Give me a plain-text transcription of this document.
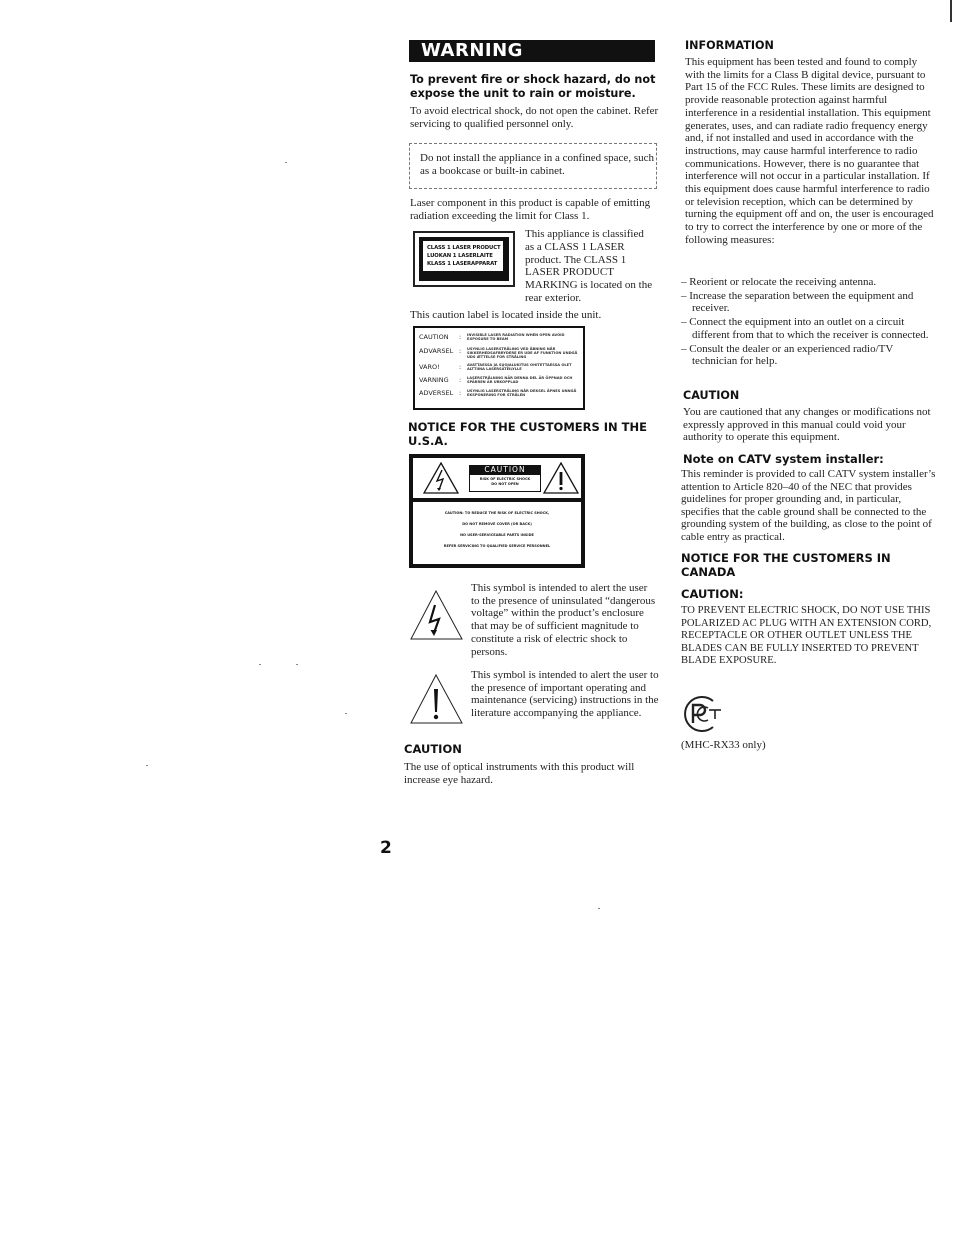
WARNING

To prevent fire or shock hazard, do not expose the unit to rain or moisture.

To avoid electrical shock, do not open the cabinet. Refer servicing to qualified personnel only.

Do not install the appliance in a confined space, such as a bookcase or built-in cabinet.

Laser component in this product is capable of emitting radiation exceeding the limit for Class 1.

CLASS 1 LASER PRODUCT
LUOKAN 1 LASERLAITE
KLASS 1 LASERAPPARAT

This appliance is classified as a CLASS 1 LASER product. The CLASS 1 LASER PRODUCT MARKING is located on the rear exterior.

This caution label is located inside the unit.

CAUTION	:	INVISIBLE LASER RADIATION WHEN OPEN AVOID EXPOSURE TO BEAM
ADVARSEL :	USYNLIG LASERSTRÅLING VED ÅBNING NÅR SIKKERHEDSAFBRYDERE ER UDE AF FUNKTION UNDGÅ UDS ÆTTELSE FOR STRÅLING
VARO!	:	AVATTAESSA JA SUOJALUKITUS OHITETTAESSA OLET ALTTIINA LASERSÄTEILYLLE
VARNING	:	LASERSTRÅLNING NÄR DENNA DEL ÄR ÖPPNAD OCH SPÄRREN ÄR URKOPPLAD
ADVERSEL :	USYNLIG LASERSTRÅLING NÅR DEKSEL ÅPNES UNNGÅ EKSPONERING FOR STRÅLEN

NOTICE FOR THE CUSTOMERS IN THE U.S.A.

CAUTION
RISK OF ELECTRIC SHOCK
DO NOT OPEN
CAUTION: TO REDUCE THE RISK OF ELECTRIC SHOCK,
DO NOT REMOVE COVER (OR BACK)
NO USER-SERVICEABLE PARTS INSIDE
REFER SERVICING TO QUALIFIED SERVICE PERSONNEL

This symbol is intended to alert the user to the presence of uninsulated “dangerous voltage” within the product’s enclosure that may be of sufficient magnitude to constitute a risk of electric shock to persons.

This symbol is intended to alert the user to the presence of important operating and maintenance (servicing) instructions in the literature accompanying the appliance.

CAUTION

The use of optical instruments with this product will increase eye hazard.

2

INFORMATION

This equipment has been tested and found to comply with the limits for a Class B digital device, pursuant to Part 15 of the FCC Rules. These limits are designed to provide reasonable protection against harmful interference in a residential installation. This equipment generates, uses, and can radiate radio frequency energy and, if not installed and used in accordance with the instructions, may cause harmful interference to radio communications. However, there is no guarantee that interference will not occur in a particular installation. If this equipment does cause harmful interference to radio or television reception, which can be determined by turning the equipment off and on, the user is encouraged to try to correct the interference by one or more of the following measures:

– Reorient or relocate the receiving antenna.

– Increase the separation between the equipment and receiver.

– Connect the equipment into an outlet on a circuit different from that to which the receiver is connected.

– Consult the dealer or an experienced radio/TV technician for help.

CAUTION

You are cautioned that any changes or modifications not expressly approved in this manual could void your authority to operate this equipment.

Note on CATV system installer:

This reminder is provided to call CATV system installer’s attention to Article 820–40 of the NEC that provides guidelines for proper grounding and, in particular, specifies that the cable ground shall be connected to the grounding system of the building, as close to the point of cable entry as practical.

NOTICE FOR THE CUSTOMERS IN CANADA

CAUTION:

TO PREVENT ELECTRIC SHOCK, DO NOT USE THIS POLARIZED AC PLUG WITH AN EXTENSION CORD,

RECEPTACLE OR OTHER OUTLET UNLESS THE BLADES CAN BE FULLY INSERTED TO PREVENT BLADE EXPOSURE.

(MHC-RX33 only)
